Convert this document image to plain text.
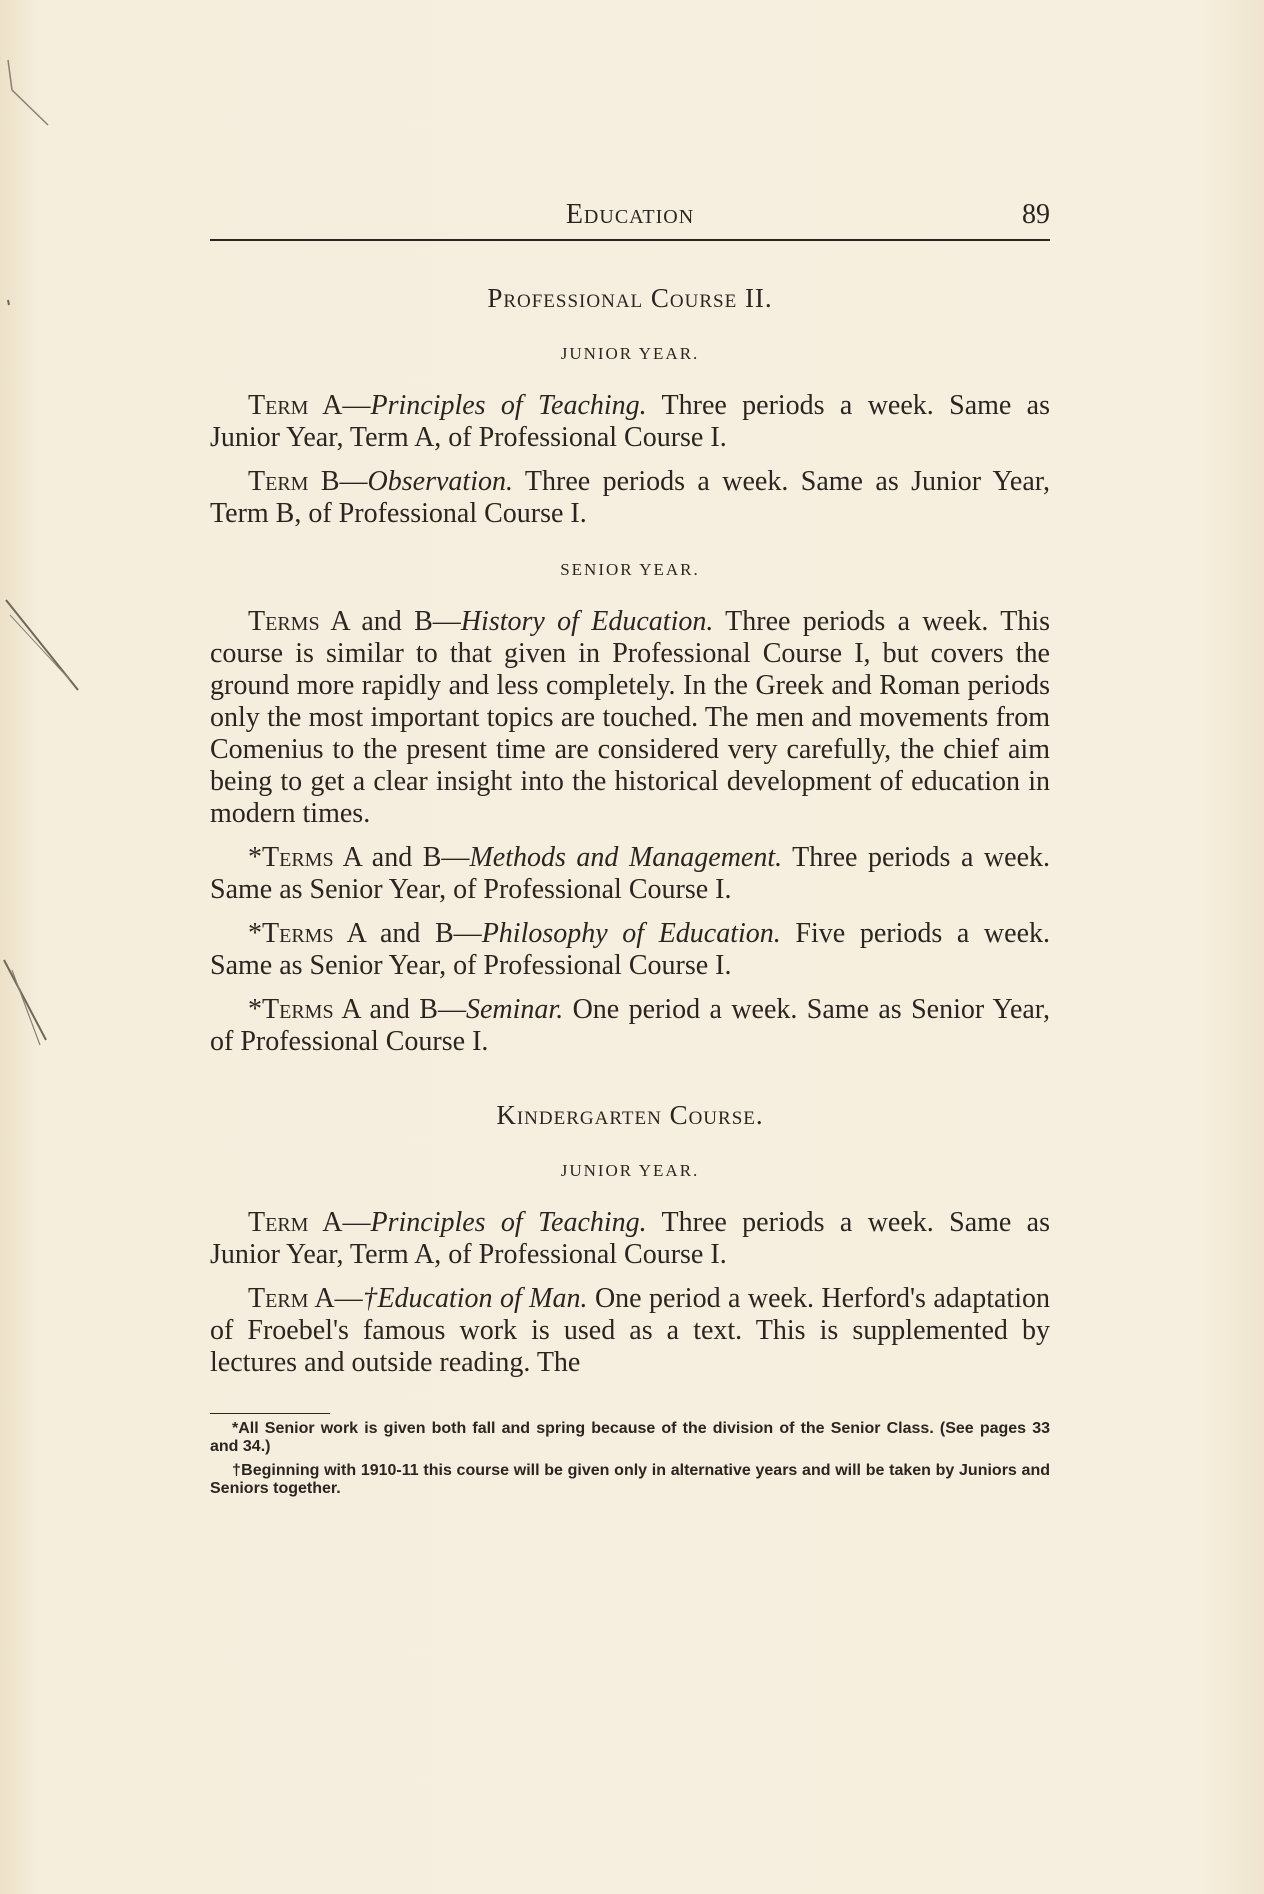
Education	89
Professional Course II.
JUNIOR YEAR.

Term A—Principles of Teaching. Three periods a week. Same as Junior Year, Term A, of Professional Course I.

Term B—Observation. Three periods a week. Same as Junior Year, Term B, of Professional Course I.

SENIOR YEAR.

Terms A and B—History of Education. Three periods a week. This course is similar to that given in Professional Course I, but covers the ground more rapidly and less completely. In the Greek and Roman periods only the most important topics are touched. The men and movements from Comenius to the present time are considered very carefully, the chief aim being to get a clear insight into the historical development of education in modern times.

*Terms A and B—Methods and Management. Three periods a week. Same as Senior Year, of Professional Course I.

*Terms A and B—Philosophy of Education. Five periods a week. Same as Senior Year, of Professional Course I.

*Terms A and B—Seminar. One period a week. Same as Senior Year, of Professional Course I.

Kindergarten Course.
JUNIOR YEAR.

Term A—Principles of Teaching. Three periods a week. Same as Junior Year, Term A, of Professional Course I.

Term A—†Education of Man. One period a week. Herford's adaptation of Froebel's famous work is used as a text. This is supplemented by lectures and outside reading. The

*All Senior work is given both fall and spring because of the division of the Senior Class. (See pages 33 and 34.)

†Beginning with 1910-11 this course will be given only in alternative years and will be taken by Juniors and Seniors together.
